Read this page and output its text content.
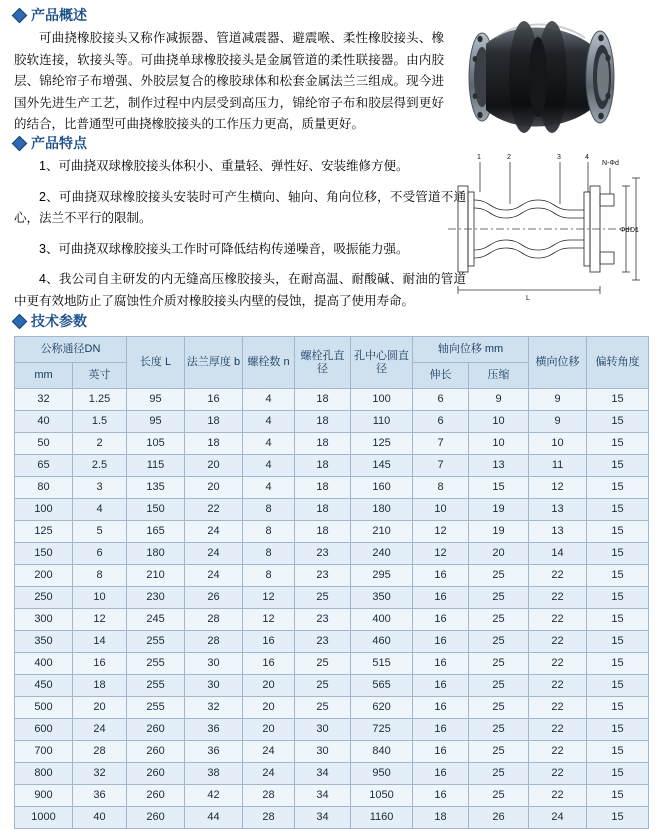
产品概述
可曲挠橡胶接头又称作减振器、管道减震器、避震喉、柔性橡胶接头、橡胶软连接，软接头等。可曲挠单球橡胶接头是金属管道的柔性联接器。由内胶层、锦纶帘子布增强、外胶层复合的橡胶球体和松套金属法兰三组成。现今进国外先进生产工艺，制作过程中内层受到高压力，锦纶帘子布和胶层得到更好的结合，比普通型可曲挠橡胶接头的工作压力更高，质量更好。
产品特点
1、可曲挠双球橡胶接头体积小、重量轻、弹性好、安装维修方便。
2、可曲挠双球橡胶接头安装时可产生横向、轴向、角向位移，不受管道不通心，法兰不平行的限制。
3、可曲挠双球橡胶接头工作时可降低结构传递噪音，吸振能力强。
4、我公司自主研发的内无缝高压橡胶接头，在耐高温、耐酸碱、耐油的管道中更有效地防止了腐蚀性介质对橡胶接头内壁的侵蚀，提高了使用寿命。
1	2	3	4
N-Φd
Φd D1
L
技术参数
公称通径DN		长度 L	法兰厚度 b	螺栓数 n	螺栓孔直径	孔中心圆直径	轴向位移 mm		横向位移	偏转角度
mm	英寸						伸长	压缩		
32	1.25	95	16	4	18	100	6	9	9	15
40	1.5	95	18	4	18	110	6	10	9	15
50	2	105	18	4	18	125	7	10	10	15
65	2.5	115	20	4	18	145	7	13	11	15
80	3	135	20	4	18	160	8	15	12	15
100	4	150	22	8	18	180	10	19	13	15
125	5	165	24	8	18	210	12	19	13	15
150	6	180	24	8	23	240	12	20	14	15
200	8	210	24	8	23	295	16	25	22	15
250	10	230	26	12	25	350	16	25	22	15
300	12	245	28	12	23	400	16	25	22	15
350	14	255	28	16	23	460	16	25	22	15
400	16	255	30	16	25	515	16	25	22	15
450	18	255	30	20	25	565	16	25	22	15
500	20	255	32	20	25	620	16	25	22	15
600	24	260	36	20	30	725	16	25	22	15
700	28	260	36	24	30	840	16	25	22	15
800	32	260	38	24	34	950	16	25	22	15
900	36	260	42	28	34	1050	16	25	22	15
1000	40	260	44	28	34	1160	18	26	24	15
